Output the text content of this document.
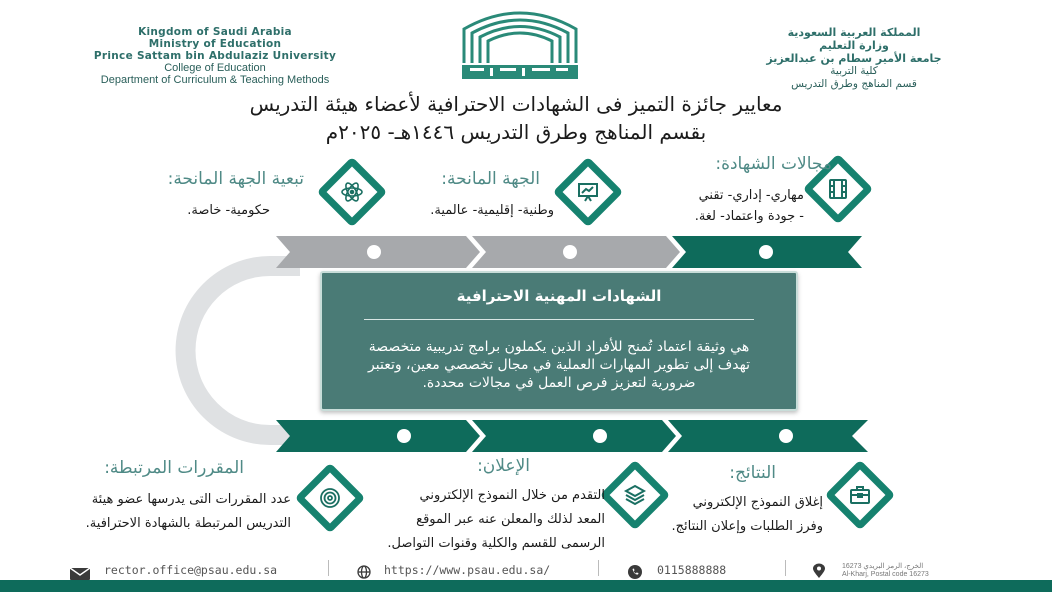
Kingdom of Saudi Arabia
Ministry of Education
Prince Sattam bin Abdulaziz University
College of Education
Department of Curriculum & Teaching Methods
المملكة العربية السعودية
وزارة التعليم
جامعة الأمير سطام بن عبدالعزيز
كلية التربية
قسم المناهج وطرق التدريس
معايير جائزة التميز فى الشهادات الاحترافية لأعضاء هيئة التدريس
بقسم المناهج وطرق التدريس ١٤٤٦هـ- ٢٠٢٥م
مجالات الشهادة:
مهاري- إداري- تقني
- جودة واعتماد- لغة.
الجهة المانحة:
وطنية- إقليمية- عالمية.
تبعية الجهة المانحة:
حكومية- خاصة.
الشهادات المهنية الاحترافية
هي وثيقة اعتماد تُمنح للأفراد الذين يكملون برامج تدريبية متخصصة تهدف إلى تطوير المهارات العملية في مجال تخصصي معين، وتعتبر ضرورية لتعزيز فرص العمل في مجالات محددة.
النتائج:
إغلاق النموذج الإلكتروني
وفرز الطلبات وإعلان النتائج.
الإعلان:
التقدم من خلال النموذج الإلكتروني
المعد لذلك والمعلن عنه عبر الموقع
الرسمى للقسم والكلية وقنوات التواصل.
المقررات المرتبطة:
عدد المقررات التى يدرسها عضو هيئة
التدريس المرتبطة بالشهادة الاحترافية.
rector.office@psau.edu.sa	https://www.psau.edu.sa/	0115888888	الخرج، الرمز البريدي 16273
Al-Kharj, Postal code 16273
